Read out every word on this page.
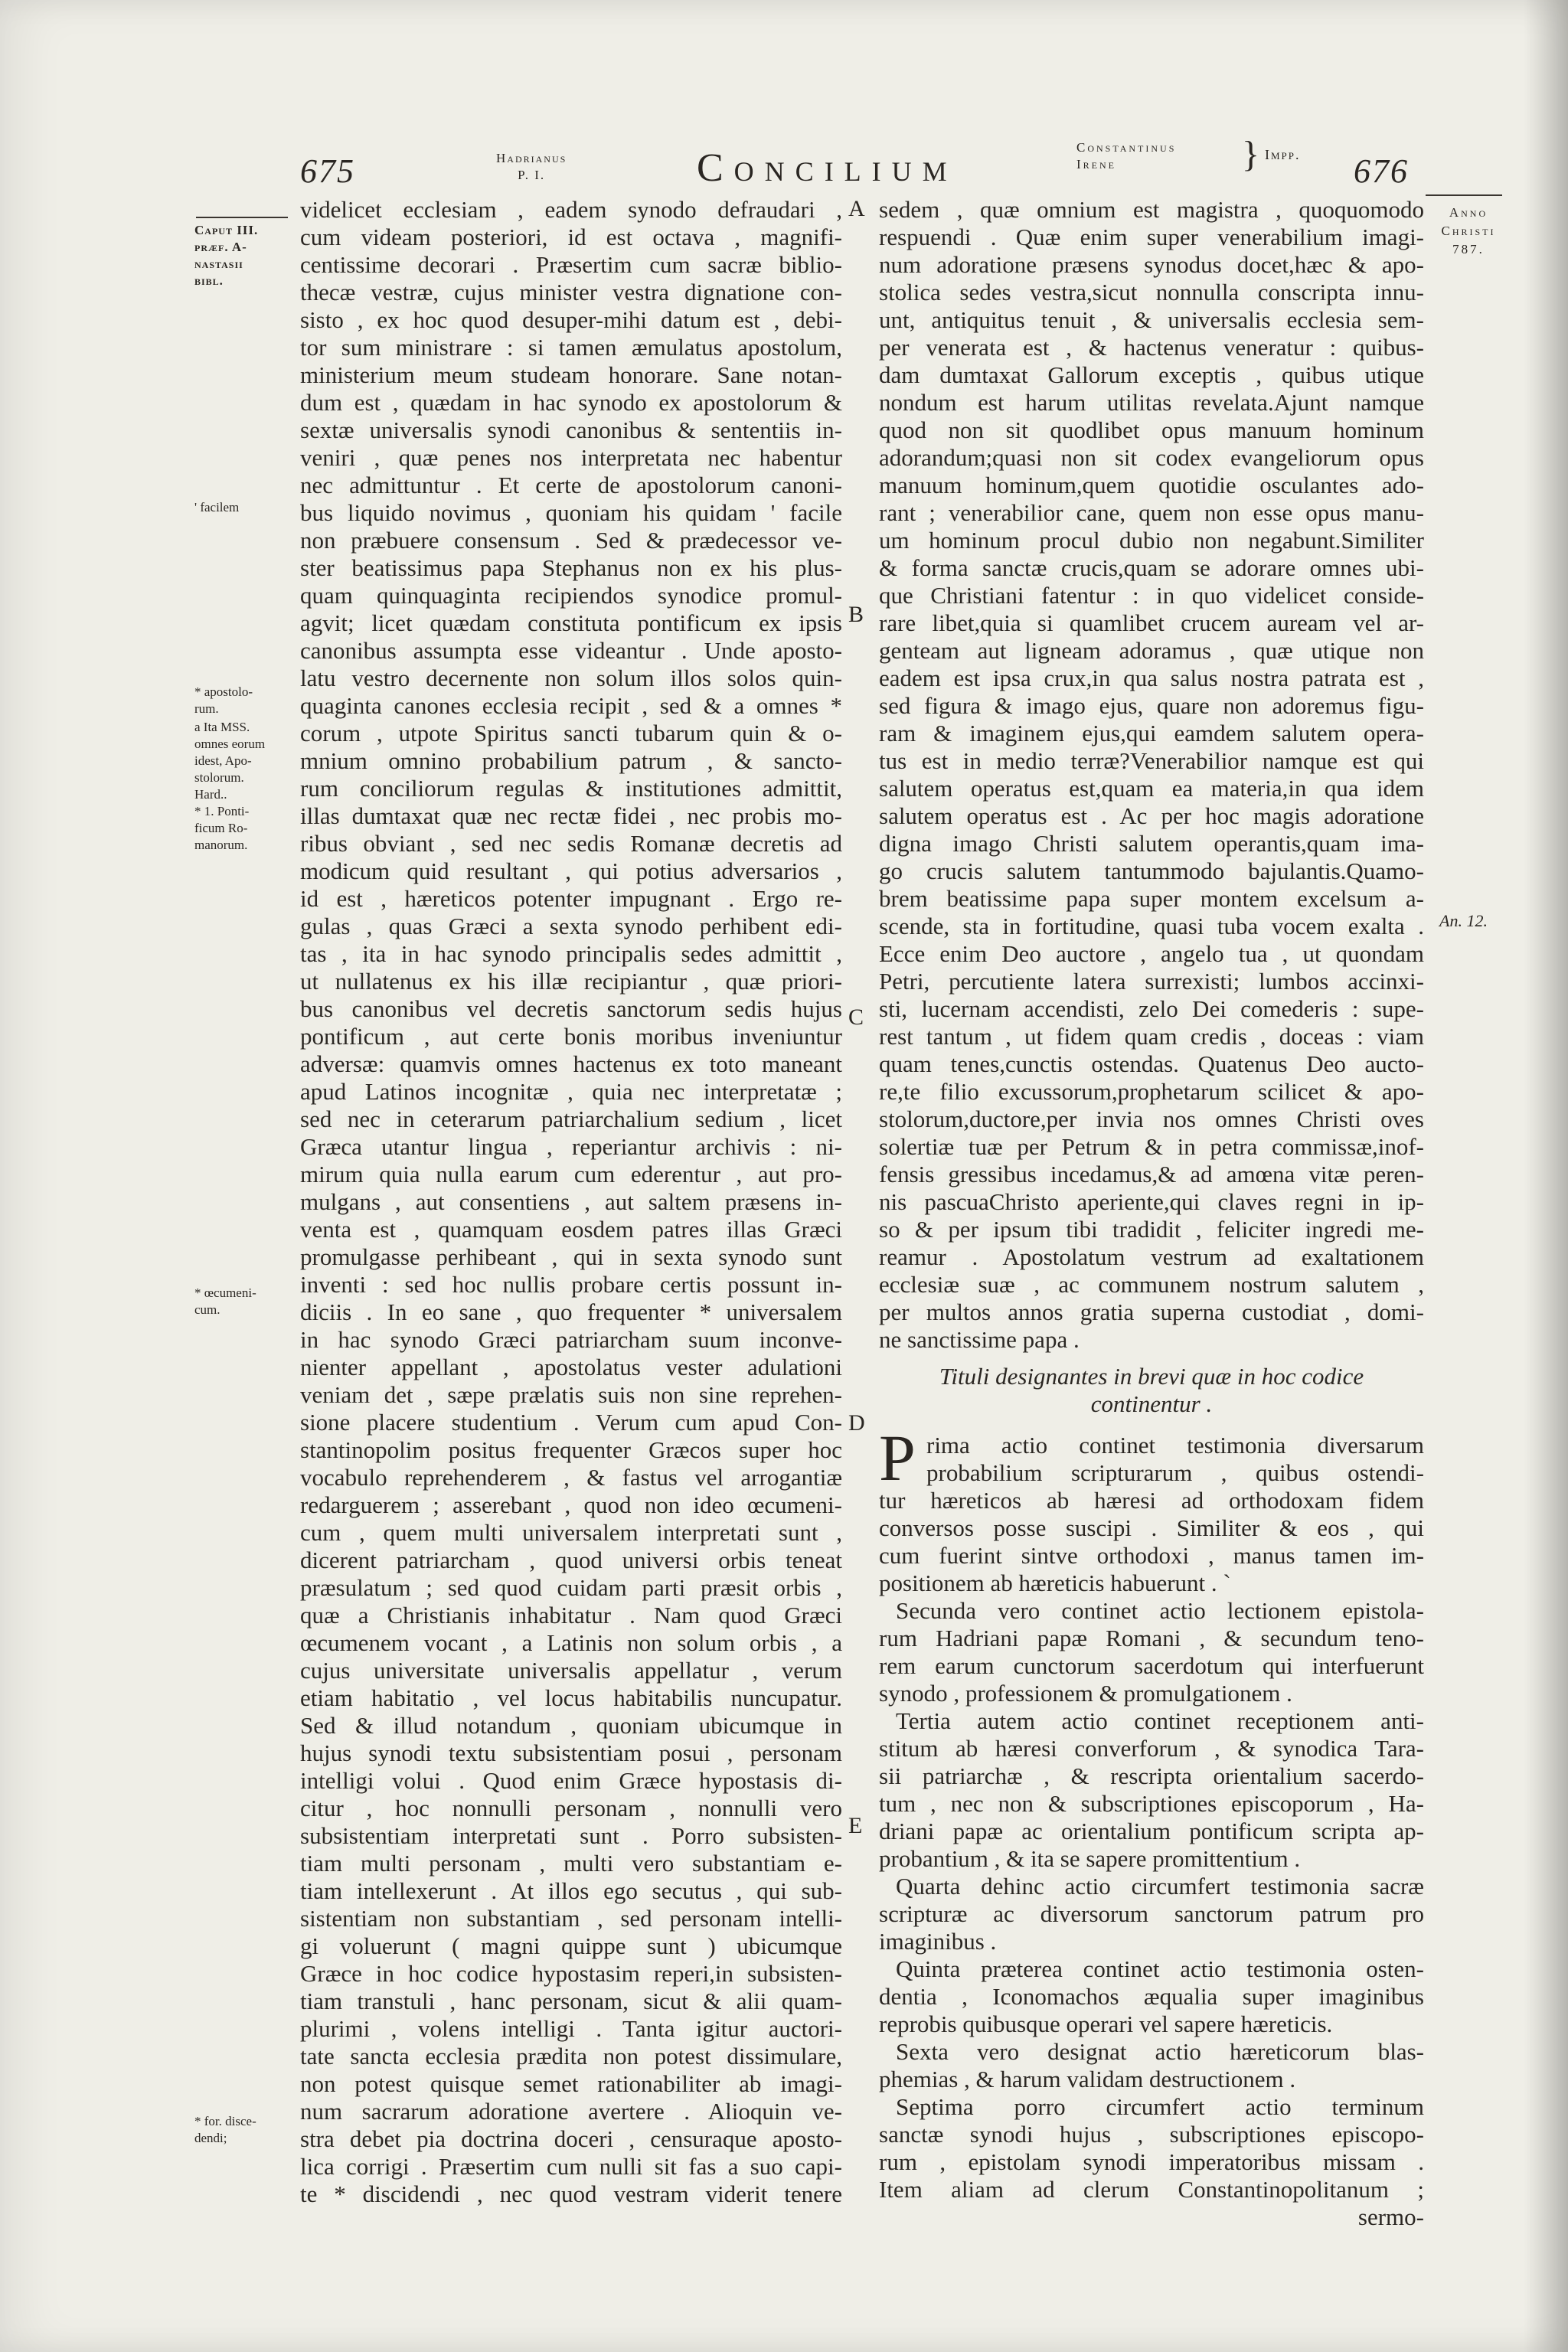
675	Hadrianus
P. I.	Concilium	Constantinus
Irene	} Impp. 676
Caput III.
præf. A-
nastasii
bibl.
' facilem
* apostolo-
rum.
a Ita MSS.
omnes eorum
idest, Apo-
stolorum.
Hard..
* 1. Ponti-
ficum Ro-
manorum.
* œcumeni-
cum.
* for. disce-
dendi;
Anno
Christi
787.
An. 12.
A
B
C
D
E
videlicet ecclesiam , eadem synodo defraudari ,
cum videam posteriori, id est octava , magnifi-
centissime decorari . Præsertim cum sacræ biblio-
thecæ vestræ, cujus minister vestra dignatione con-
sisto , ex hoc quod desuper-mihi datum est , debi-
tor sum ministrare : si tamen æmulatus apostolum,
ministerium meum studeam honorare. Sane notan-
dum est , quædam in hac synodo ex apostolorum &
sextæ universalis synodi canonibus & sententiis in-
veniri , quæ penes nos interpretata nec habentur
nec admittuntur . Et certe de apostolorum canoni-
bus liquido novimus , quoniam his quidam ' facile
non præbuere consensum . Sed & prædecessor ve-
ster beatissimus papa Stephanus non ex his plus-
quam quinquaginta recipiendos synodice promul-
agvit; licet quædam constituta pontificum ex ipsis
canonibus assumpta esse videantur . Unde aposto-
latu vestro decernente non solum illos solos quin-
quaginta canones ecclesia recipit , sed & a omnes *
corum , utpote Spiritus sancti tubarum quin & o-
mnium omnino probabilium patrum , & sancto-
rum conciliorum regulas & institutiones admittit,
illas dumtaxat quæ nec rectæ fidei , nec probis mo-
ribus obviant , sed nec sedis Romanæ decretis ad
modicum quid resultant , qui potius adversarios ,
id est , hæreticos potenter impugnant . Ergo re-
gulas , quas Græci a sexta synodo perhibent edi-
tas , ita in hac synodo principalis sedes admittit ,
ut nullatenus ex his illæ recipiantur , quæ priori-
bus canonibus vel decretis sanctorum sedis hujus
pontificum , aut certe bonis moribus inveniuntur
adversæ: quamvis omnes hactenus ex toto maneant
apud Latinos incognitæ , quia nec interpretatæ ;
sed nec in ceterarum patriarchalium sedium , licet
Græca utantur lingua , reperiantur archivis : ni-
mirum quia nulla earum cum ederentur , aut pro-
mulgans , aut consentiens , aut saltem præsens in-
venta est , quamquam eosdem patres illas Græci
promulgasse perhibeant , qui in sexta synodo sunt
inventi : sed hoc nullis probare certis possunt in-
diciis . In eo sane , quo frequenter * universalem
in hac synodo Græci patriarcham suum inconve-
nienter appellant , apostolatus vester adulationi
veniam det , sæpe prælatis suis non sine reprehen-
sione placere studentium . Verum cum apud Con-
stantinopolim positus frequenter Græcos super hoc
vocabulo reprehenderem , & fastus vel arrogantiæ
redarguerem ; asserebant , quod non ideo œcumeni-
cum , quem multi universalem interpretati sunt ,
dicerent patriarcham , quod universi orbis teneat
præsulatum ; sed quod cuidam parti præsit orbis ,
quæ a Christianis inhabitatur . Nam quod Græci
œcumenem vocant , a Latinis non solum orbis , a
cujus universitate universalis appellatur , verum
etiam habitatio , vel locus habitabilis nuncupatur.
Sed & illud notandum , quoniam ubicumque in
hujus synodi textu subsistentiam posui , personam
intelligi volui . Quod enim Græce hypostasis di-
citur , hoc nonnulli personam , nonnulli vero
subsistentiam interpretati sunt . Porro subsisten-
tiam multi personam , multi vero substantiam e-
tiam intellexerunt . At illos ego secutus , qui sub-
sistentiam non substantiam , sed personam intelli-
gi voluerunt ( magni quippe sunt ) ubicumque
Græce in hoc codice hypostasim reperi,in subsisten-
tiam transtuli , hanc personam, sicut & alii quam-
plurimi , volens intelligi . Tanta igitur auctori-
tate sancta ecclesia prædita non potest dissimulare,
non potest quisque semet rationabiliter ab imagi-
num sacrarum adoratione avertere . Alioquin ve-
stra debet pia doctrina doceri , censuraque aposto-
lica corrigi . Præsertim cum nulli sit fas a suo capi-
te * discidendi , nec quod vestram viderit tenere
sedem , quæ omnium est magistra , quoquomodo
respuendi . Quæ enim super venerabilium imagi-
num adoratione præsens synodus docet,hæc & apo-
stolica sedes vestra,sicut nonnulla conscripta innu-
unt, antiquitus tenuit , & universalis ecclesia sem-
per venerata est , & hactenus veneratur : quibus-
dam dumtaxat Gallorum exceptis , quibus utique
nondum est harum utilitas revelata.Ajunt namque
quod non sit quodlibet opus manuum hominum
adorandum;quasi non sit codex evangeliorum opus
manuum hominum,quem quotidie osculantes ado-
rant ; venerabilior cane, quem non esse opus manu-
um hominum procul dubio non negabunt.Similiter
& forma sanctæ crucis,quam se adorare omnes ubi-
que Christiani fatentur : in quo videlicet conside-
rare libet,quia si quamlibet crucem auream vel ar-
genteam aut ligneam adoramus , quæ utique non
eadem est ipsa crux,in qua salus nostra patrata est ,
sed figura & imago ejus, quare non adoremus figu-
ram & imaginem ejus,qui eamdem salutem opera-
tus est in medio terræ?Venerabilior namque est qui
salutem operatus est,quam ea materia,in qua idem
salutem operatus est . Ac per hoc magis adoratione
digna imago Christi salutem operantis,quam ima-
go crucis salutem tantummodo bajulantis.Quamo-
brem beatissime papa super montem excelsum a-
scende, sta in fortitudine, quasi tuba vocem exalta .
Ecce enim Deo auctore , angelo tua , ut quondam
Petri, percutiente latera surrexisti; lumbos accinxi-
sti, lucernam accendisti, zelo Dei comederis : supe-
rest tantum , ut fidem quam credis , doceas : viam
quam tenes,cunctis ostendas. Quatenus Deo aucto-
re,te filio excussorum,prophetarum scilicet & apo-
stolorum,ductore,per invia nos omnes Christi oves
solertiæ tuæ per Petrum & in petra commissæ,inof-
fensis gressibus incedamus,& ad amœna vitæ peren-
nis pascuaChristo aperiente,qui claves regni in ip-
so & per ipsum tibi tradidit , feliciter ingredi me-
reamur . Apostolatum vestrum ad exaltationem
ecclesiæ suæ , ac communem nostrum salutem ,
per multos annos gratia superna custodiat , domi-
ne sanctissime papa .
Tituli designantes in brevi quæ in hoc codice
continentur .
rima actio continet testimonia diversarum
probabilium scripturarum , quibus ostendi-
tur hæreticos ab hæresi ad orthodoxam fidem
conversos posse suscipi . Similiter & eos , qui
cum fuerint sintve orthodoxi , manus tamen im-
positionem ab hæreticis habuerunt . `
Secunda vero continet actio lectionem epistola-
rum Hadriani papæ Romani , & secundum teno-
rem earum cunctorum sacerdotum qui interfuerunt
synodo , professionem & promulgationem .
Tertia autem actio continet receptionem anti-
stitum ab hæresi converforum , & synodica Tara-
sii patriarchæ , & rescripta orientalium sacerdo-
tum , nec non & subscriptiones episcoporum , Ha-
driani papæ ac orientalium pontificum scripta ap-
probantium , & ita se sapere promittentium .
Quarta dehinc actio circumfert testimonia sacræ
scripturæ ac diversorum sanctorum patrum pro
imaginibus .
Quinta præterea continet actio testimonia osten-
dentia , Iconomachos æqualia super imaginibus
reprobis quibusque operari vel sapere hæreticis.
Sexta vero designat actio hæreticorum blas-
phemias , & harum validam destructionem .
Septima porro circumfert actio terminum
sanctæ synodi hujus , subscriptiones episcopo-
rum , epistolam synodi imperatoribus missam .
Item aliam ad clerum Constantinopolitanum ;
sermo-
P
